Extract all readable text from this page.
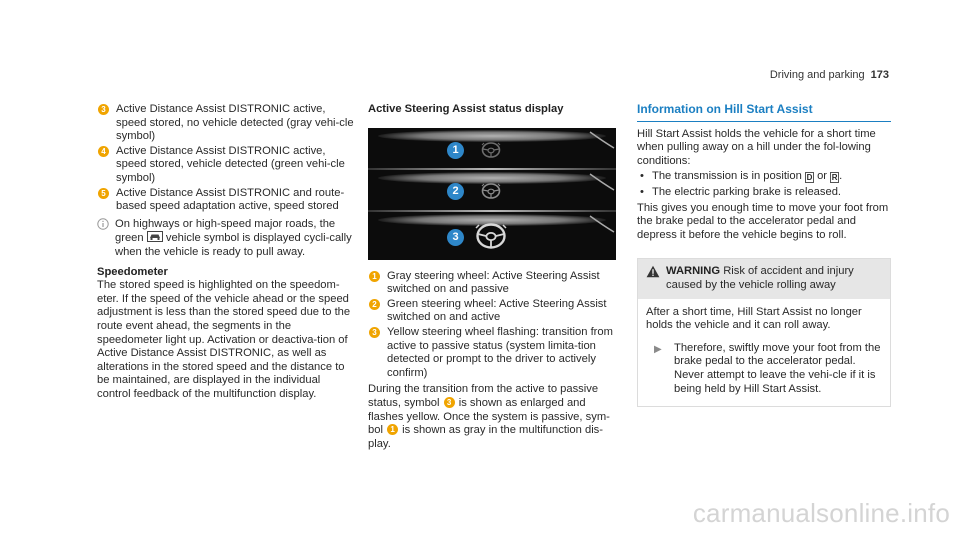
Driving and parking 173
3 Active Distance Assist DISTRONIC active, speed stored, no vehicle detected (gray vehi-cle symbol)
4 Active Distance Assist DISTRONIC active, speed stored, vehicle detected (green vehi-cle symbol)
5 Active Distance Assist DISTRONIC and route-based speed adaptation active, speed stored
On highways or high-speed major roads, the green vehicle symbol is displayed cycli-cally when the vehicle is ready to pull away.

Speedometer

The stored speed is highlighted on the speedom-eter. If the speed of the vehicle ahead or the speed adjustment is less than the stored speed due to the route event ahead, the segments in the speedometer light up. Activation or deactiva-tion of Active Distance Assist DISTRONIC, as well as alterations in the stored speed and the distance to be maintained, are displayed in the individual control feedback of the multifunction display.

Active Steering Assist status display

1
2
3
1 Gray steering wheel: Active Steering Assist switched on and passive
2 Green steering wheel: Active Steering Assist switched on and active
3 Yellow steering wheel flashing: transition from active to passive status (system limita-tion detected or prompt to the driver to actively confirm)

During the transition from the active to passive status, symbol 3 is shown as enlarged and flashes yellow. Once the system is passive, sym-bol 1 is shown as gray in the multifunction dis-play.

Information on Hill Start Assist

Hill Start Assist holds the vehicle for a short time when pulling away on a hill under the fol-lowing conditions:

• The transmission is in position D or R .
• The electric parking brake is released.

This gives you enough time to move your foot from the brake pedal to the accelerator pedal and depress it before the vehicle begins to roll.

WARNING Risk of accident and injury caused by the vehicle rolling away

After a short time, Hill Start Assist no longer holds the vehicle and it can roll away.

▶	Therefore, swiftly move your foot from the brake pedal to the accelerator pedal. Never attempt to leave the vehi-cle if it is being held by Hill Start Assist.
carmanualsonline.info
